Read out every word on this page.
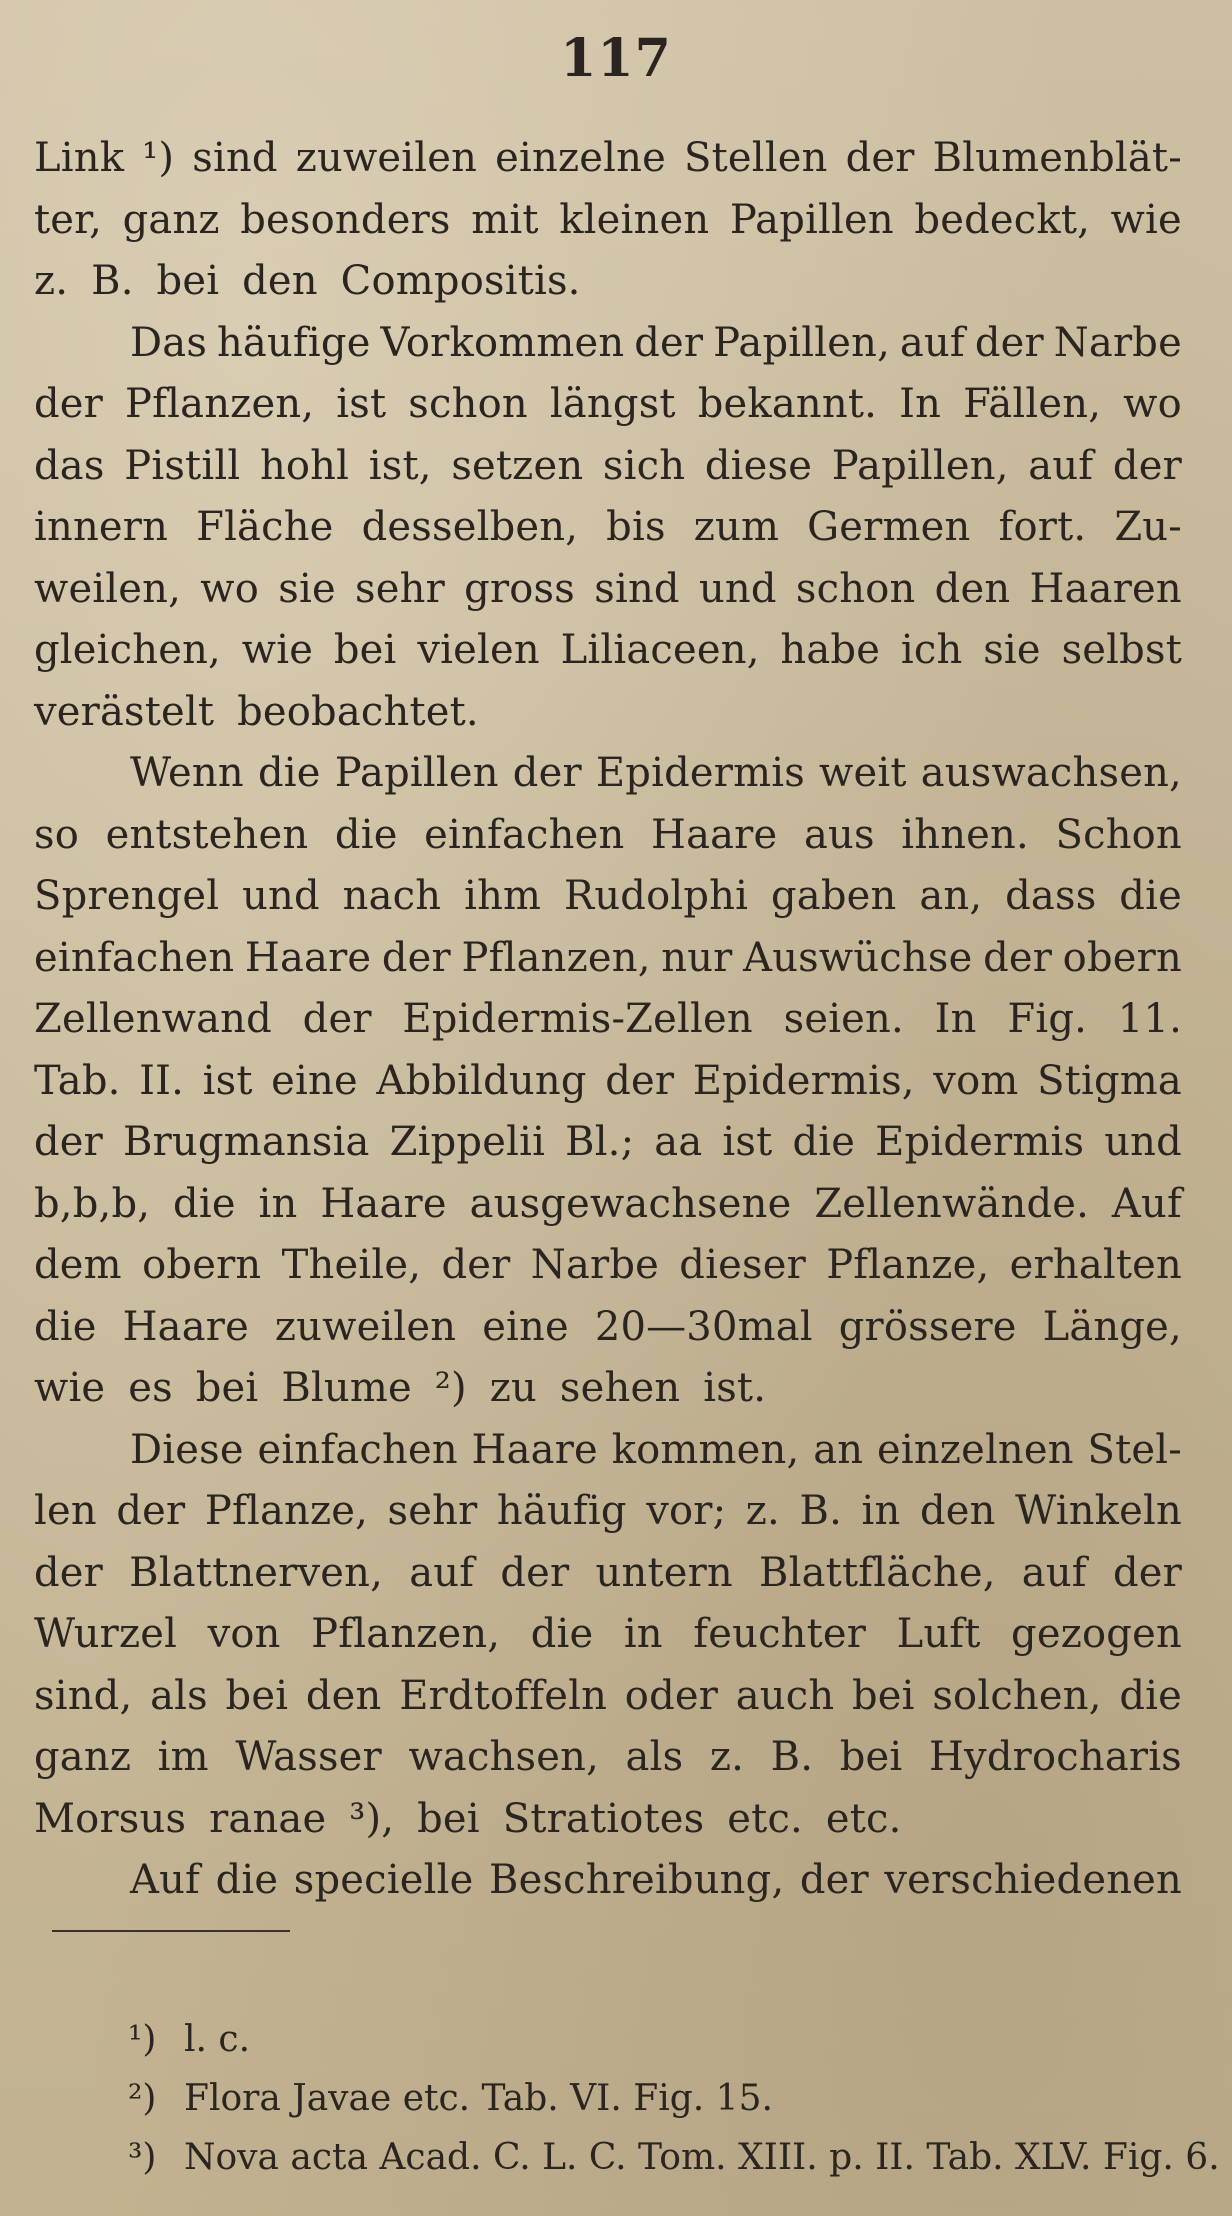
117
Link ¹) sind zuweilen einzelne Stellen der Blumenblät-
ter, ganz besonders mit kleinen Papillen bedeckt, wie
z. B. bei den Compositis.
Das häufige Vorkommen der Papillen, auf der Narbe
der Pflanzen, ist schon längst bekannt. In Fällen, wo
das Pistill hohl ist, setzen sich diese Papillen, auf der
innern Fläche desselben, bis zum Germen fort. Zu-
weilen, wo sie sehr gross sind und schon den Haaren
gleichen, wie bei vielen Liliaceen, habe ich sie selbst
verästelt beobachtet.
Wenn die Papillen der Epidermis weit auswachsen,
so entstehen die einfachen Haare aus ihnen. Schon
Sprengel und nach ihm Rudolphi gaben an, dass die
einfachen Haare der Pflanzen, nur Auswüchse der obern
Zellenwand der Epidermis-Zellen seien. In Fig. 11.
Tab. II. ist eine Abbildung der Epidermis, vom Stigma
der Brugmansia Zippelii Bl.; aa ist die Epidermis und
b,b,b, die in Haare ausgewachsene Zellenwände. Auf
dem obern Theile, der Narbe dieser Pflanze, erhalten
die Haare zuweilen eine 20—30mal grössere Länge,
wie es bei Blume ²) zu sehen ist.
Diese einfachen Haare kommen, an einzelnen Stel-
len der Pflanze, sehr häufig vor; z. B. in den Winkeln
der Blattnerven, auf der untern Blattfläche, auf der
Wurzel von Pflanzen, die in feuchter Luft gezogen
sind, als bei den Erdtoffeln oder auch bei solchen, die
ganz im Wasser wachsen, als z. B. bei Hydrocharis
Morsus ranae ³), bei Stratiotes etc. etc.
Auf die specielle Beschreibung, der verschiedenen
¹) l. c.
²) Flora Javae etc. Tab. VI. Fig. 15.
³) Nova acta Acad. C. L. C. Tom. XIII. p. II. Tab. XLV. Fig. 6.
